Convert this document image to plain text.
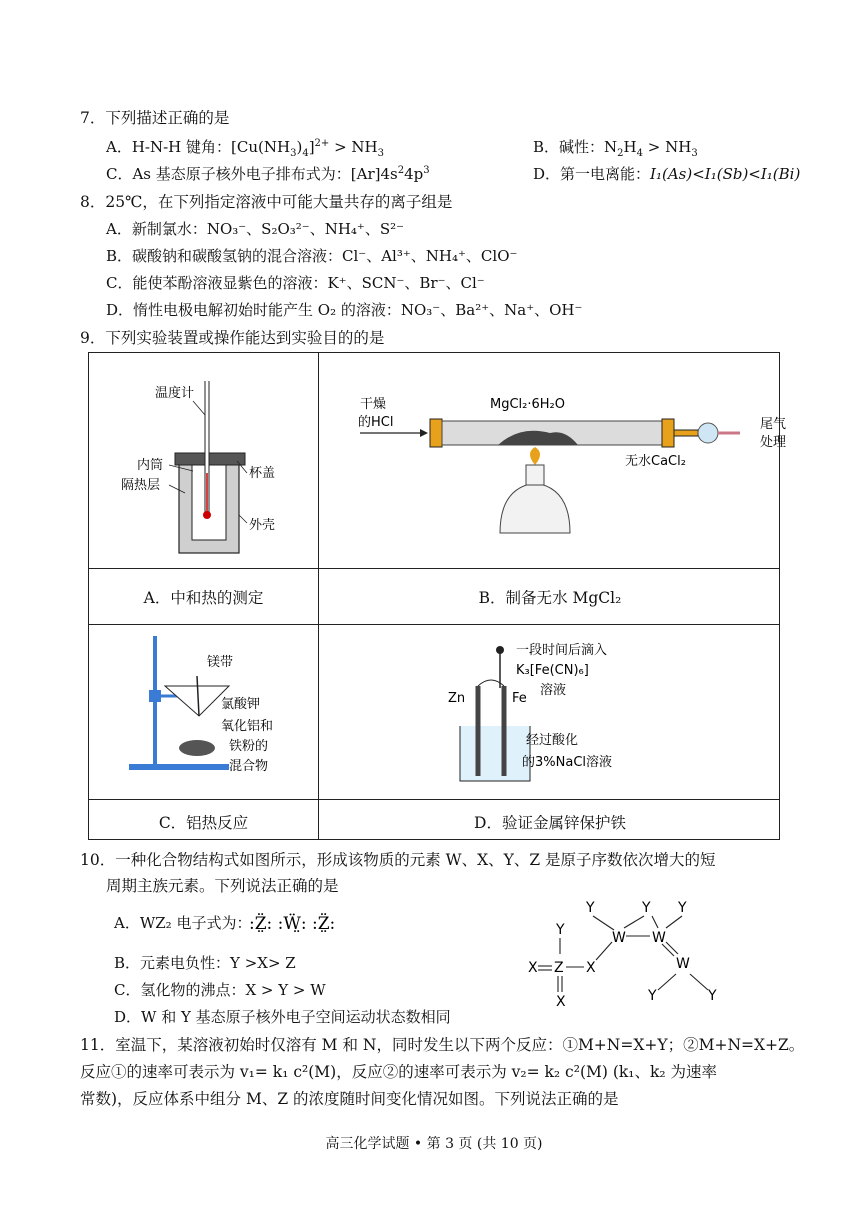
7．下列描述正确的是
A．H-N-H 键角：$[Cu(NH_3)_4]^{2+} > NH_3$	B．碱性：$N_2H_4 > NH_3$
C．As 基态原子核外电子排布式为：$[Ar]4s^24p^3$	D．第一电离能：I₁(As)<I₁(Sb)<I₁(Bi)
8．25℃，在下列指定溶液中可能大量共存的离子组是
A．新制氯水：NO₃⁻、S₂O₃²⁻、NH₄⁺、S²⁻
B．碳酸钠和碳酸氢钠的混合溶液：Cl⁻、Al³⁺、NH₄⁺、ClO⁻
C．能使苯酚溶液显紫色的溶液：K⁺、SCN⁻、Br⁻、Cl⁻
D．惰性电极电解初始时能产生 O₂ 的溶液：NO₃⁻、Ba²⁺、Na⁺、OH⁻
9．下列实验装置或操作能达到实验目的的是
温度计
内筒
隔热层
杯盖
外壳
A．中和热的测定
干燥
的HCl
MgCl₂·6H₂O
无水CaCl₂
尾气
处理
B．制备无水 MgCl₂
镁带
氯酸钾
氧化铝和
铁粉的
混合物
C．铝热反应
一段时间后滴入
K₃[Fe(CN)₆]
溶液
Zn	Fe
经过酸化
的3%NaCl溶液
D．验证金属锌保护铁
10．一种化合物结构式如图所示，形成该物质的元素 W、X、Y、Z 是原子序数依次增大的短
周期主族元素。下列说法正确的是
A．WZ₂ 电子式为：
:Z̤̈: :Ẅ̤: :Z̤̈:
B．元素电负性：Y >X> Z
C．氢化物的沸点：X > Y > W
D．W 和 Y 基态原子核外电子空间运动状态数相同
Y	Y Y
Y	W W
X Z X	W
X	Y	Y
11．室温下，某溶液初始时仅溶有 M 和 N，同时发生以下两个反应：①M+N=X+Y；②M+N=X+Z。
反应①的速率可表示为 v₁= k₁ c²(M)，反应②的速率可表示为 v₂= k₂ c²(M) (k₁、k₂ 为速率
常数)，反应体系中组分 M、Z 的浓度随时间变化情况如图。下列说法正确的是
高三化学试题 • 第 3 页 (共 10 页)
